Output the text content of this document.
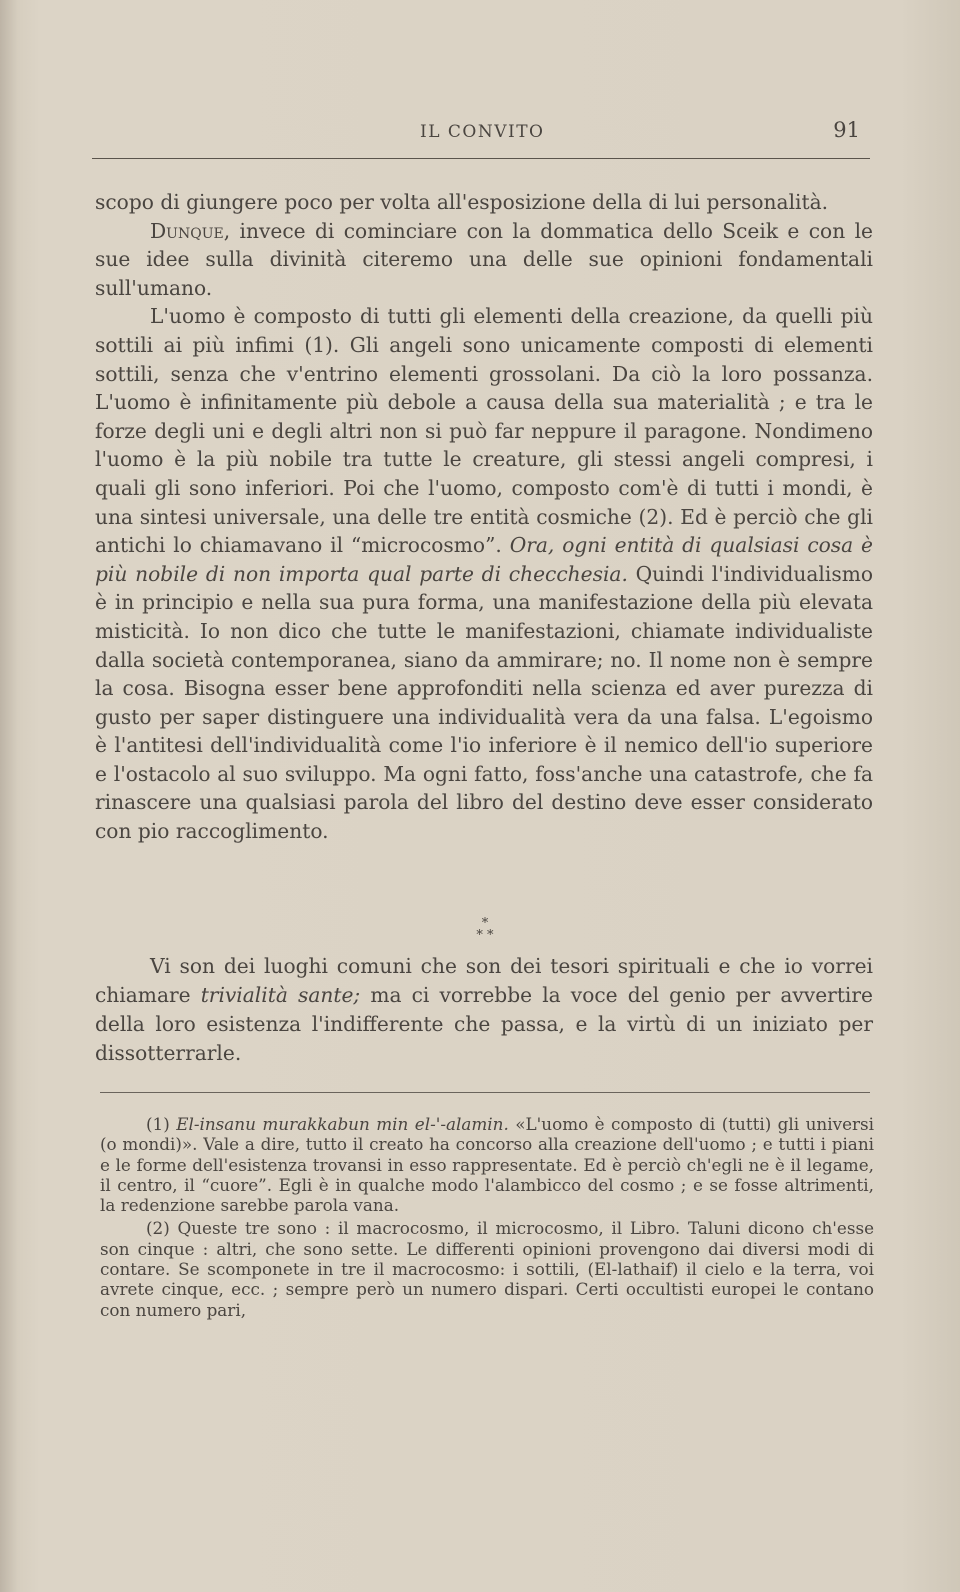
IL CONVITO	91

scopo di giungere poco per volta all'esposizione della di lui personalità.

Dunque, invece di cominciare con la dommatica dello Sceik e con le sue idee sulla divinità citeremo una delle sue opinioni fondamentali sull'umano.

L'uomo è composto di tutti gli elementi della creazione, da quelli più sottili ai più infimi (1). Gli angeli sono unicamente composti di elementi sottili, senza che v'entrino elementi grossolani. Da ciò la loro possanza. L'uomo è infinitamente più debole a causa della sua materialità ; e tra le forze degli uni e degli altri non si può far neppure il paragone. Nondimeno l'uomo è la più nobile tra tutte le creature, gli stessi angeli compresi, i quali gli sono inferiori. Poi che l'uomo, composto com'è di tutti i mondi, è una sintesi universale, una delle tre entità cosmiche (2). Ed è perciò che gli antichi lo chiamavano il “microcosmo”. Ora, ogni entità di qualsiasi cosa è più nobile di non importa qual parte di checchesia. Quindi l'individualismo è in principio e nella sua pura forma, una manifestazione della più elevata misticità. Io non dico che tutte le manifestazioni, chiamate individualiste dalla società contemporanea, siano da ammirare; no. Il nome non è sempre la cosa. Bisogna esser bene approfonditi nella scienza ed aver purezza di gusto per saper distinguere una individualità vera da una falsa. L'egoismo è l'antitesi dell'individualità come l'io inferiore è il nemico dell'io superiore e l'ostacolo al suo sviluppo. Ma ogni fatto, foss'anche una catastrofe, che fa rinascere una qualsiasi parola del libro del destino deve esser considerato con pio raccoglimento.

*
* *

Vi son dei luoghi comuni che son dei tesori spirituali e che io vorrei chiamare trivialità sante; ma ci vorrebbe la voce del genio per avvertire della loro esistenza l'indifferente che passa, e la virtù di un iniziato per dissotterrarle.

(1) El-insanu murakkabun min el-'-alamin. «L'uomo è composto di (tutti) gli universi (o mondi)». Vale a dire, tutto il creato ha concorso alla creazione dell'uomo ; e tutti i piani e le forme dell'esistenza trovansi in esso rappresentate. Ed è perciò ch'egli ne è il legame, il centro, il “cuore”. Egli è in qualche modo l'alambicco del cosmo ; e se fosse altrimenti, la redenzione sarebbe parola vana.

(2) Queste tre sono : il macrocosmo, il microcosmo, il Libro. Taluni dicono ch'esse son cinque : altri, che sono sette. Le differenti opinioni provengono dai diversi modi di contare. Se scomponete in tre il macrocosmo: i sottili, (El-lathaif) il cielo e la terra, voi avrete cinque, ecc. ; sempre però un numero dispari. Certi occultisti europei le contano con numero pari,
